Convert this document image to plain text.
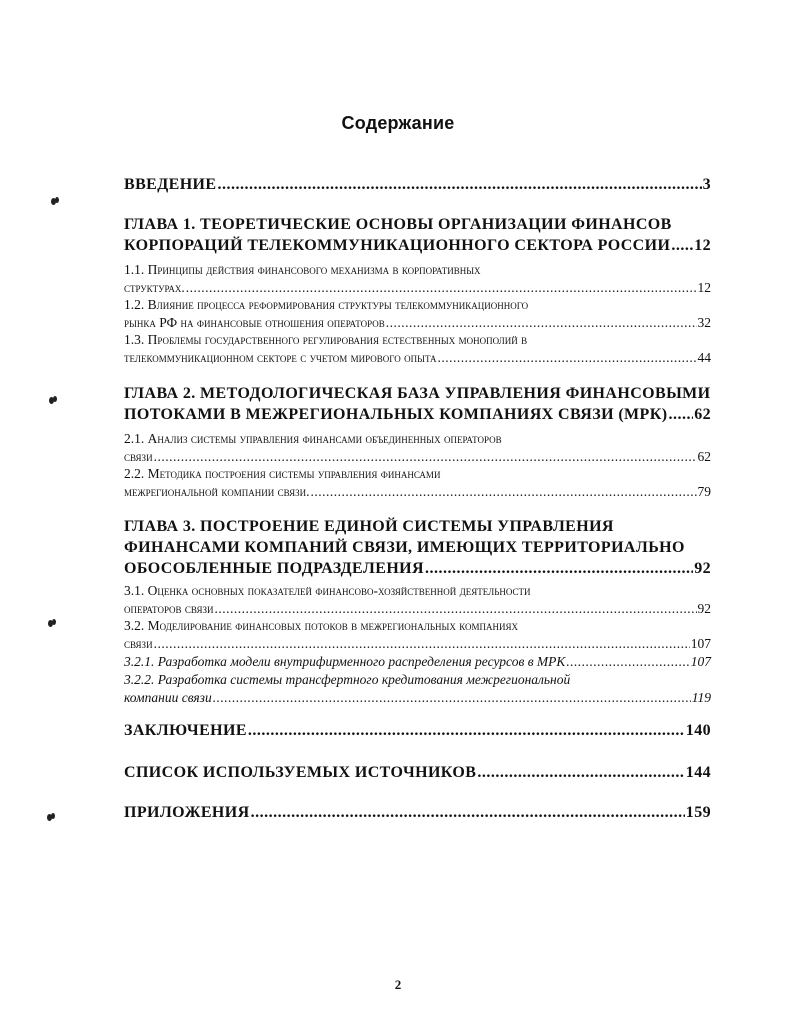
Содержание
ВВЕДЕНИЕ .....	3
ГЛАВА 1. ТЕОРЕТИЧЕСКИЕ ОСНОВЫ ОРГАНИЗАЦИИ ФИНАНСОВ
КОРПОРАЦИЙ ТЕЛЕКОММУНИКАЦИОННОГО СЕКТОРА РОССИИ ..... 12
1.1. Принципы действия финансового механизма в корпоративных
структурах. .....	12
1.2. Влияние процесса реформирования структуры телекоммуникационного
рынка РФ на финансовые отношения операторов .....	32
1.3. Проблемы государственного регулирования естественных монополий в
телекоммуникационном секторе с учетом мирового опыта .....	44
ГЛАВА 2. МЕТОДОЛОГИЧЕСКАЯ БАЗА УПРАВЛЕНИЯ ФИНАНСОВЫМИ
ПОТОКАМИ В МЕЖРЕГИОНАЛЬНЫХ КОМПАНИЯХ СВЯЗИ (МРК) ..... 62
2.1. Анализ системы управления финансами объединенных операторов
связи .....	62
2.2. Методика построения системы управления финансами
межрегиональной компании связи. .....	79
ГЛАВА 3. ПОСТРОЕНИЕ ЕДИНОЙ СИСТЕМЫ УПРАВЛЕНИЯ
ФИНАНСАМИ КОМПАНИЙ СВЯЗИ, ИМЕЮЩИХ ТЕРРИТОРИАЛЬНО
ОБОСОБЛЕННЫЕ ПОДРАЗДЕЛЕНИЯ .....	92
3.1. Оценка основных показателей финансово-хозяйственной деятельности
операторов связи .....	92
3.2. Моделирование финансовых потоков в межрегиональных компаниях
связи .....	107
3.2.1. Разработка модели внутрифирменного распределения ресурсов в МРК .....	107
3.2.2. Разработка системы трансфертного кредитования межрегиональной
компании связи .....	119
ЗАКЛЮЧЕНИЕ .....	140
СПИСОК ИСПОЛЬЗУЕМЫХ ИСТОЧНИКОВ .....	144
ПРИЛОЖЕНИЯ .....	159
2
